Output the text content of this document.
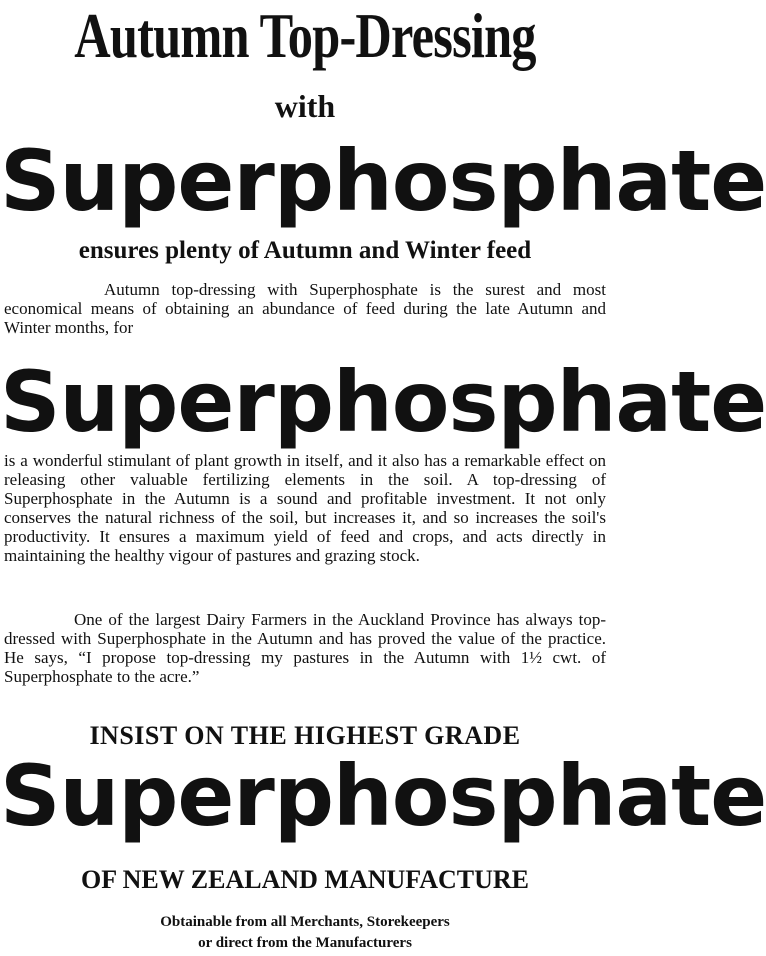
Autumn Top-Dressing
with
Superphosphate
ensures plenty of Autumn and Winter feed
Autumn top-dressing with Superphosphate is the surest and most economical means of obtaining an abundance of feed during the late Autumn and Winter months, for
Superphosphate
is a wonderful stimulant of plant growth in itself, and it also has a remarkable effect on releasing other valuable fertilizing elements in the soil. A top-dressing of Superphosphate in the Autumn is a sound and profitable investment. It not only conserves the natural richness of the soil, but increases it, and so increases the soil's productivity. It ensures a maximum yield of feed and crops, and acts directly in maintaining the healthy vigour of pastures and grazing stock.
One of the largest Dairy Farmers in the Auckland Province has always top-dressed with Superphosphate in the Autumn and has proved the value of the practice. He says, “I propose top-dressing my pastures in the Autumn with 1½ cwt. of Superphosphate to the acre.”
INSIST ON THE HIGHEST GRADE
Superphosphate
OF NEW ZEALAND MANUFACTURE
Obtainable from all Merchants, Storekeepers
or direct from the Manufacturers
